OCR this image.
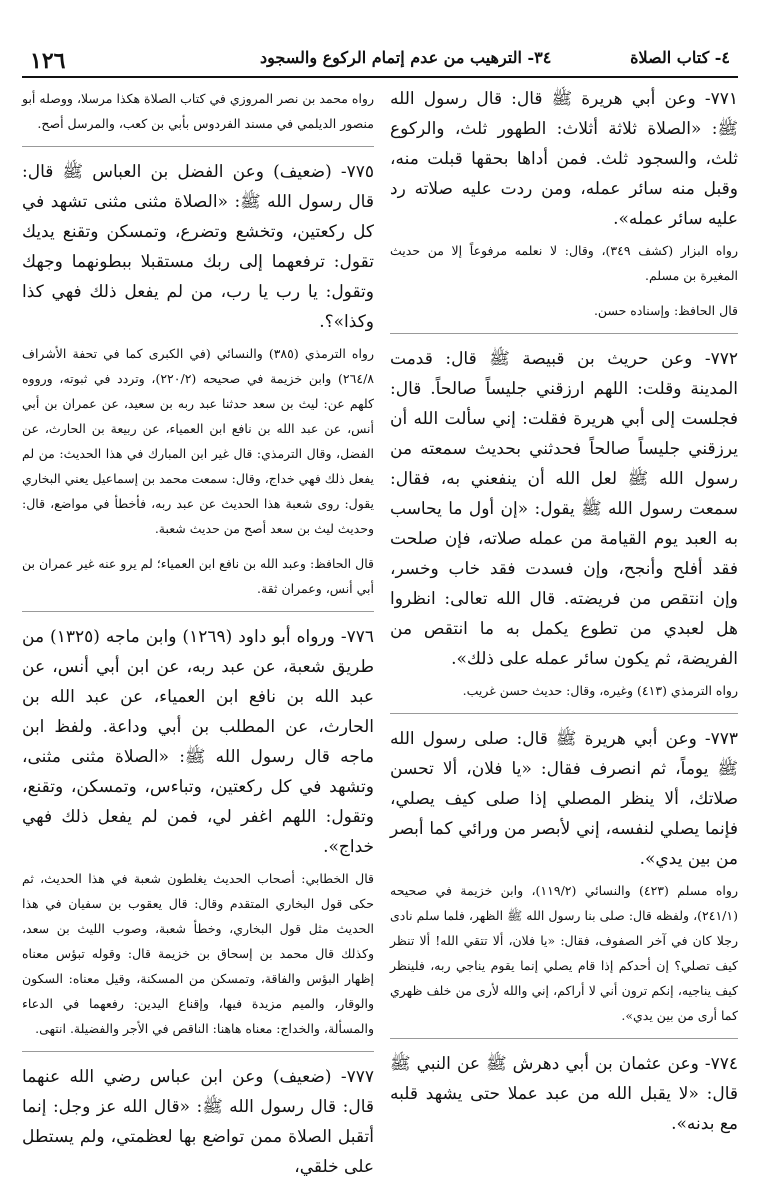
١٢٦	٣٤- الترهيب من عدم إتمام الركوع والسجود	٤- كتاب الصلاة

٧٧١- وعن أبي هريرة ﷺ قال: قال رسول الله ﷺ: «الصلاة ثلاثة أثلاث: الطهور ثلث، والركوع ثلث، والسجود ثلث. فمن أداها بحقها قبلت منه، وقبل منه سائر عمله، ومن ردت عليه صلاته رد عليه سائر عمله».

رواه البزار (كشف ٣٤٩)، وقال: لا نعلمه مرفوعاً إلا من حديث المغيرة بن مسلم.

قال الحافظ: وإسناده حسن.

٧٧٢- وعن حريث بن قبيصة ﷺ قال: قدمت المدينة وقلت: اللهم ارزقني جليساً صالحاً. قال: فجلست إلى أبي هريرة فقلت: إني سألت الله أن يرزقني جليساً صالحاً فحدثني بحديث سمعته من رسول الله ﷺ لعل الله أن ينفعني به، فقال: سمعت رسول الله ﷺ يقول: «إن أول ما يحاسب به العبد يوم القيامة من عمله صلاته، فإن صلحت فقد أفلح وأنجح، وإن فسدت فقد خاب وخسر، وإن انتقص من فريضته. قال الله تعالى: انظروا هل لعبدي من تطوع يكمل به ما انتقص من الفريضة، ثم يكون سائر عمله على ذلك».

رواه الترمذي (٤١٣) وغيره، وقال: حديث حسن غريب.

٧٧٣- وعن أبي هريرة ﷺ قال: صلى رسول الله ﷺ يوماً، ثم انصرف فقال: «يا فلان، ألا تحسن صلاتك، ألا ينظر المصلي إذا صلى كيف يصلي، فإنما يصلي لنفسه، إني لأبصر من ورائي كما أبصر من بين يدي».

رواه مسلم (٤٢٣) والنسائي (١١٩/٢)، وابن خزيمة في صحيحه (٢٤١/١)، ولفظه قال: صلى بنا رسول الله ﷺ الظهر، فلما سلم نادى رجلا كان في آخر الصفوف، فقال: «يا فلان، ألا تتقي الله! ألا تنظر كيف تصلي؟ إن أحدكم إذا قام يصلي إنما يقوم يناجي ربه، فلينظر كيف يناجيه، إنكم ترون أني لا أراكم، إني والله لأرى من خلف ظهري كما أرى من بين يدي».

٧٧٤- وعن عثمان بن أبي دهرش ﷺ عن النبي ﷺ قال: «لا يقبل الله من عبد عملا حتى يشهد قلبه مع بدنه».

رواه محمد بن نصر المروزي في كتاب الصلاة هكذا مرسلا، ووصله أبو منصور الديلمي في مسند الفردوس بأبي بن كعب، والمرسل أصح.

٧٧٥- (ضعيف) وعن الفضل بن العباس ﷺ قال: قال رسول الله ﷺ: «الصلاة مثنى مثنى تشهد في كل ركعتين، وتخشع وتضرع، وتمسكن وتقنع يديك تقول: ترفعهما إلى ربك مستقبلا ببطونهما وجهك وتقول: يا رب يا رب، من لم يفعل ذلك فهي كذا وكذا»؟.

رواه الترمذي (٣٨٥) والنسائي (في الكبرى كما في تحفة الأشراف ٢٦٤/٨) وابن خزيمة في صحيحه (٢٢٠/٢)، وتردد في ثبوته، ورووه كلهم عن: ليث بن سعد حدثنا عبد ربه بن سعيد، عن عمران بن أبي أنس، عن عبد الله بن نافع ابن العمياء، عن ربيعة بن الحارث، عن الفضل، وقال الترمذي: قال غير ابن المبارك في هذا الحديث: من لم يفعل ذلك فهي خداج، وقال: سمعت محمد بن إسماعيل يعني البخاري يقول: روى شعبة هذا الحديث عن عبد ربه، فأخطأ في مواضع، قال: وحديث ليث بن سعد أصح من حديث شعبة.

قال الحافظ: وعبد الله بن نافع ابن العمياء؛ لم يرو عنه غير عمران بن أبي أنس، وعمران ثقة.

٧٧٦- ورواه أبو داود (١٢٦٩) وابن ماجه (١٣٢٥) من طريق شعبة، عن عبد ربه، عن ابن أبي أنس، عن عبد الله بن نافع ابن العمياء، عن عبد الله بن الحارث، عن المطلب بن أبي وداعة. ولفظ ابن ماجه قال رسول الله ﷺ: «الصلاة مثنى مثنى، وتشهد في كل ركعتين، وتباءس، وتمسكن، وتقنع، وتقول: اللهم اغفر لي، فمن لم يفعل ذلك فهي خداج».

قال الخطابي: أصحاب الحديث يغلطون شعبة في هذا الحديث، ثم حكى قول البخاري المتقدم وقال: قال يعقوب بن سفيان في هذا الحديث مثل قول البخاري، وخطأ شعبة، وصوب الليث بن سعد، وكذلك قال محمد بن إسحاق بن خزيمة قال: وقوله تبؤس معناه إظهار البؤس والفاقة، وتمسكن من المسكنة، وقيل معناه: السكون والوقار، والميم مزيدة فيها، وإقناع اليدين: رفعهما في الدعاء والمسألة، والخداج: معناه هاهنا: الناقص في الأجر والفضيلة. انتهى.

٧٧٧- (ضعيف) وعن ابن عباس رضي الله عنهما قال: قال رسول الله ﷺ: «قال الله عز وجل: إنما أتقبل الصلاة ممن تواضع بها لعظمتي، ولم يستطل على خلقي،
